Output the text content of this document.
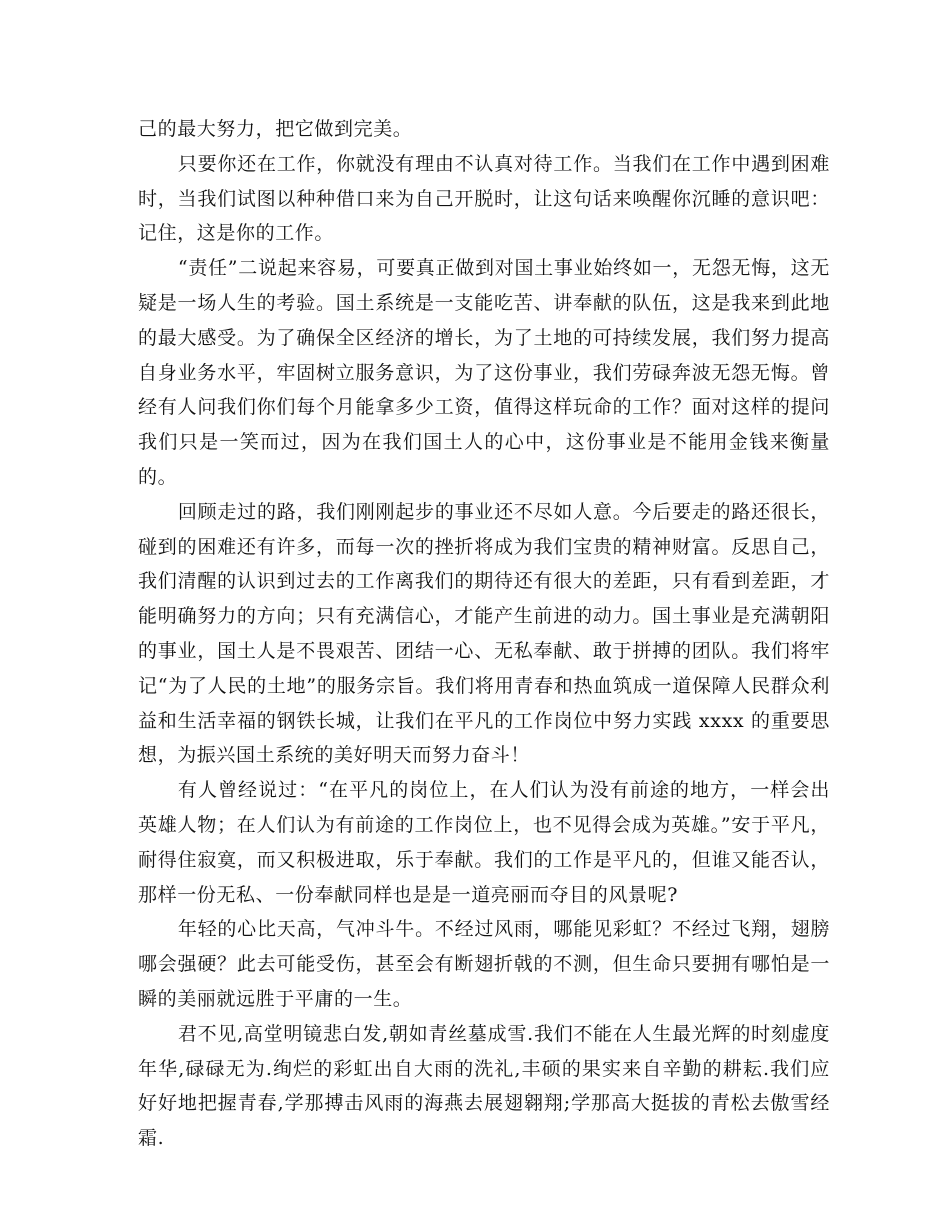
己的最大努力，把它做到完美。

只要你还在工作，你就没有理由不认真对待工作。当我们在工作中遇到困难时，当我们试图以种种借口来为自己开脱时，让这句话来唤醒你沉睡的意识吧：记住，这是你的工作。

“责任”二说起来容易，可要真正做到对国土事业始终如一，无怨无悔，这无疑是一场人生的考验。国土系统是一支能吃苦、讲奉献的队伍，这是我来到此地的最大感受。为了确保全区经济的增长，为了土地的可持续发展，我们努力提高自身业务水平，牢固树立服务意识，为了这份事业，我们劳碌奔波无怨无悔。曾经有人问我们你们每个月能拿多少工资，值得这样玩命的工作？面对这样的提问我们只是一笑而过，因为在我们国土人的心中，这份事业是不能用金钱来衡量的。

回顾走过的路，我们刚刚起步的事业还不尽如人意。今后要走的路还很长，碰到的困难还有许多，而每一次的挫折将成为我们宝贵的精神财富。反思自己，我们清醒的认识到过去的工作离我们的期待还有很大的差距，只有看到差距，才能明确努力的方向；只有充满信心，才能产生前进的动力。国土事业是充满朝阳的事业，国土人是不畏艰苦、团结一心、无私奉献、敢于拼搏的团队。我们将牢记“为了人民的土地”的服务宗旨。我们将用青春和热血筑成一道保障人民群众利益和生活幸福的钢铁长城，让我们在平凡的工作岗位中努力实践 xxxx 的重要思想，为振兴国土系统的美好明天而努力奋斗！

有人曾经说过：“在平凡的岗位上，在人们认为没有前途的地方，一样会出英雄人物；在人们认为有前途的工作岗位上，也不见得会成为英雄。”安于平凡，耐得住寂寞，而又积极进取，乐于奉献。我们的工作是平凡的，但谁又能否认，那样一份无私、一份奉献同样也是是一道亮丽而夺目的风景呢?

年轻的心比天高，气冲斗牛。不经过风雨，哪能见彩虹？不经过飞翔，翅膀哪会强硬？此去可能受伤，甚至会有断翅折戟的不测，但生命只要拥有哪怕是一瞬的美丽就远胜于平庸的一生。

君不见,高堂明镜悲白发,朝如青丝墓成雪.我们不能在人生最光辉的时刻虚度年华,碌碌无为.绚烂的彩虹出自大雨的洗礼,丰硕的果实来自辛勤的耕耘.我们应好好地把握青春,学那搏击风雨的海燕去展翅翱翔;学那高大挺拔的青松去傲雪经霜.
